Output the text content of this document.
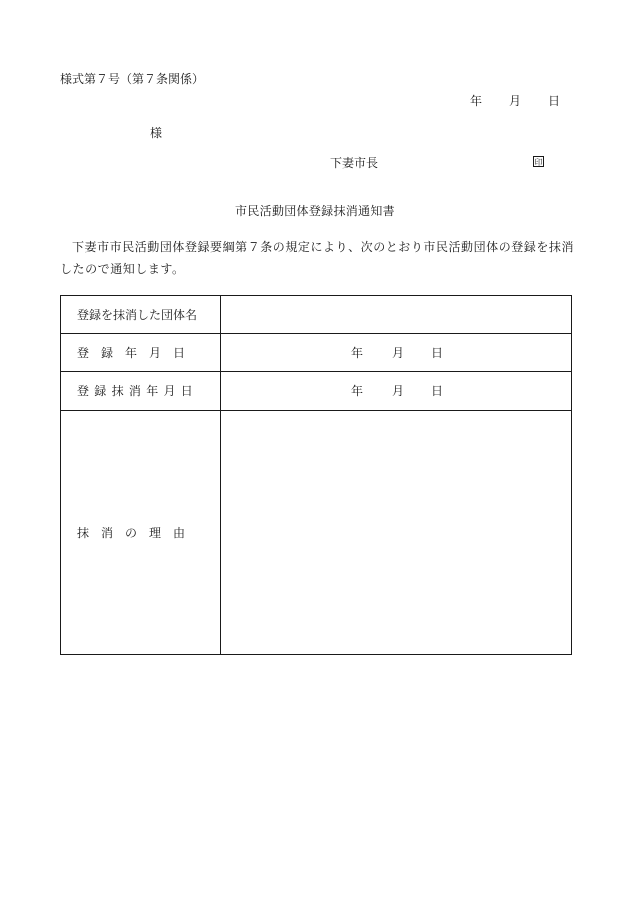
様式第７号（第７条関係）
年 月 日
様
下妻市長	印
市民活動団体登録抹消通知書
下妻市市民活動団体登録要綱第７条の規定により、次のとおり市民活動団体の登録を抹消したので通知します。
登録を抹消した団体名
登　録　年　月　日	年 月 日
登録抹消年月日	年 月 日
抹　消　の　理　由
